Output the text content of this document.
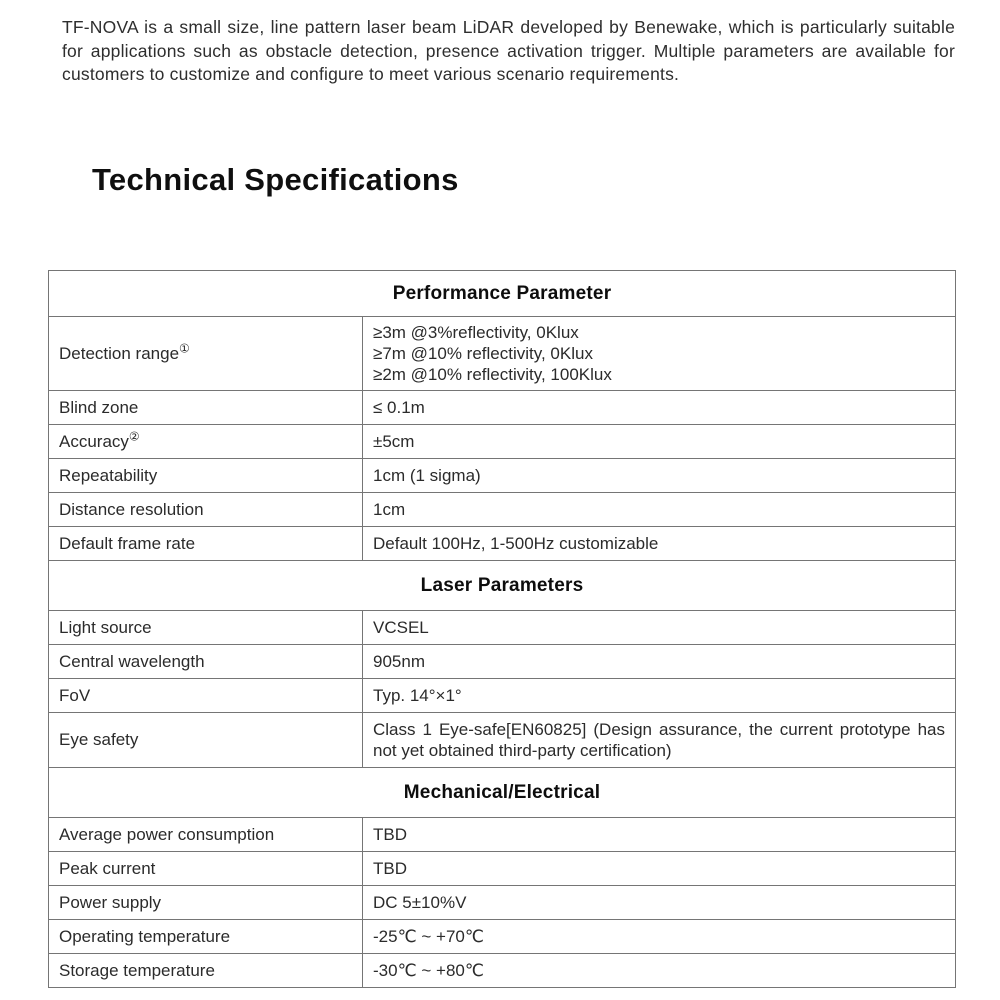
TF-NOVA is a small size, line pattern laser beam LiDAR developed by Benewake, which is particularly suitable for applications such as obstacle detection, presence activation trigger. Multiple parameters are available for customers to customize and configure to meet various scenario requirements.

Technical Specifications
Performance Parameter	
Detection range①	≥3m @3%reflectivity, 0Klux
≥7m @10% reflectivity, 0Klux
≥2m @10% reflectivity, 100Klux

Blind zone	≤ 0.1m

Accuracy②	±5cm

Repeatability	1cm (1 sigma)

Distance resolution	1cm

Default frame rate	Default 100Hz, 1-500Hz customizable

Laser Parameters	
Light source	VCSEL

Central wavelength	905nm

FoV	Typ. 14°×1°

Eye safety	Class 1 Eye-safe[EN60825] (Design assurance, the current prototype has not yet obtained third-party certification)
Mechanical/Electrical	
Average power consumption	TBD

Peak current	TBD

Power supply	DC 5±10%V

Operating temperature	-25℃ ~ +70℃

Storage temperature	-30℃ ~ +80℃
